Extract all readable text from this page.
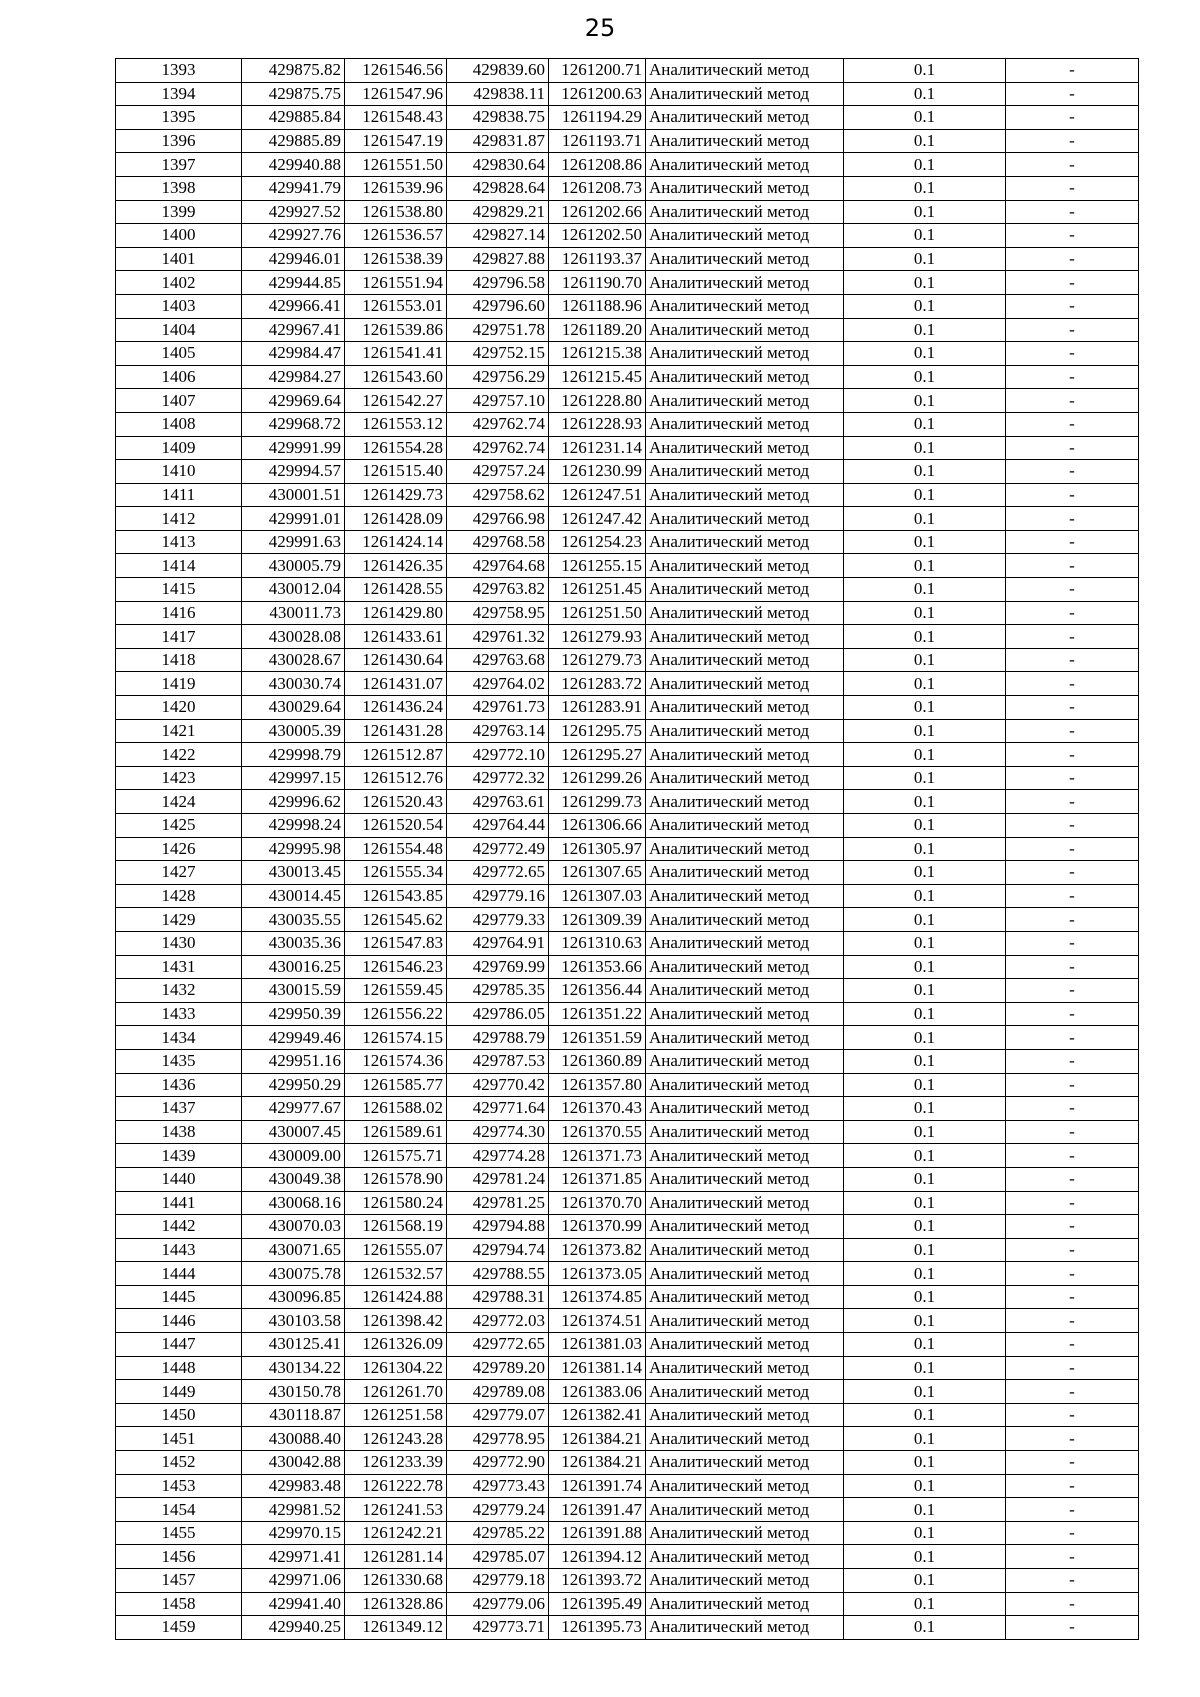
25
1393	429875.82	1261546.56	429839.60	1261200.71	Аналитический метод	0.1	-
1394	429875.75	1261547.96	429838.11	1261200.63	Аналитический метод	0.1	-
1395	429885.84	1261548.43	429838.75	1261194.29	Аналитический метод	0.1	-
1396	429885.89	1261547.19	429831.87	1261193.71	Аналитический метод	0.1	-
1397	429940.88	1261551.50	429830.64	1261208.86	Аналитический метод	0.1	-
1398	429941.79	1261539.96	429828.64	1261208.73	Аналитический метод	0.1	-
1399	429927.52	1261538.80	429829.21	1261202.66	Аналитический метод	0.1	-
1400	429927.76	1261536.57	429827.14	1261202.50	Аналитический метод	0.1	-
1401	429946.01	1261538.39	429827.88	1261193.37	Аналитический метод	0.1	-
1402	429944.85	1261551.94	429796.58	1261190.70	Аналитический метод	0.1	-
1403	429966.41	1261553.01	429796.60	1261188.96	Аналитический метод	0.1	-
1404	429967.41	1261539.86	429751.78	1261189.20	Аналитический метод	0.1	-
1405	429984.47	1261541.41	429752.15	1261215.38	Аналитический метод	0.1	-
1406	429984.27	1261543.60	429756.29	1261215.45	Аналитический метод	0.1	-
1407	429969.64	1261542.27	429757.10	1261228.80	Аналитический метод	0.1	-
1408	429968.72	1261553.12	429762.74	1261228.93	Аналитический метод	0.1	-
1409	429991.99	1261554.28	429762.74	1261231.14	Аналитический метод	0.1	-
1410	429994.57	1261515.40	429757.24	1261230.99	Аналитический метод	0.1	-
1411	430001.51	1261429.73	429758.62	1261247.51	Аналитический метод	0.1	-
1412	429991.01	1261428.09	429766.98	1261247.42	Аналитический метод	0.1	-
1413	429991.63	1261424.14	429768.58	1261254.23	Аналитический метод	0.1	-
1414	430005.79	1261426.35	429764.68	1261255.15	Аналитический метод	0.1	-
1415	430012.04	1261428.55	429763.82	1261251.45	Аналитический метод	0.1	-
1416	430011.73	1261429.80	429758.95	1261251.50	Аналитический метод	0.1	-
1417	430028.08	1261433.61	429761.32	1261279.93	Аналитический метод	0.1	-
1418	430028.67	1261430.64	429763.68	1261279.73	Аналитический метод	0.1	-
1419	430030.74	1261431.07	429764.02	1261283.72	Аналитический метод	0.1	-
1420	430029.64	1261436.24	429761.73	1261283.91	Аналитический метод	0.1	-
1421	430005.39	1261431.28	429763.14	1261295.75	Аналитический метод	0.1	-
1422	429998.79	1261512.87	429772.10	1261295.27	Аналитический метод	0.1	-
1423	429997.15	1261512.76	429772.32	1261299.26	Аналитический метод	0.1	-
1424	429996.62	1261520.43	429763.61	1261299.73	Аналитический метод	0.1	-
1425	429998.24	1261520.54	429764.44	1261306.66	Аналитический метод	0.1	-
1426	429995.98	1261554.48	429772.49	1261305.97	Аналитический метод	0.1	-
1427	430013.45	1261555.34	429772.65	1261307.65	Аналитический метод	0.1	-
1428	430014.45	1261543.85	429779.16	1261307.03	Аналитический метод	0.1	-
1429	430035.55	1261545.62	429779.33	1261309.39	Аналитический метод	0.1	-
1430	430035.36	1261547.83	429764.91	1261310.63	Аналитический метод	0.1	-
1431	430016.25	1261546.23	429769.99	1261353.66	Аналитический метод	0.1	-
1432	430015.59	1261559.45	429785.35	1261356.44	Аналитический метод	0.1	-
1433	429950.39	1261556.22	429786.05	1261351.22	Аналитический метод	0.1	-
1434	429949.46	1261574.15	429788.79	1261351.59	Аналитический метод	0.1	-
1435	429951.16	1261574.36	429787.53	1261360.89	Аналитический метод	0.1	-
1436	429950.29	1261585.77	429770.42	1261357.80	Аналитический метод	0.1	-
1437	429977.67	1261588.02	429771.64	1261370.43	Аналитический метод	0.1	-
1438	430007.45	1261589.61	429774.30	1261370.55	Аналитический метод	0.1	-
1439	430009.00	1261575.71	429774.28	1261371.73	Аналитический метод	0.1	-
1440	430049.38	1261578.90	429781.24	1261371.85	Аналитический метод	0.1	-
1441	430068.16	1261580.24	429781.25	1261370.70	Аналитический метод	0.1	-
1442	430070.03	1261568.19	429794.88	1261370.99	Аналитический метод	0.1	-
1443	430071.65	1261555.07	429794.74	1261373.82	Аналитический метод	0.1	-
1444	430075.78	1261532.57	429788.55	1261373.05	Аналитический метод	0.1	-
1445	430096.85	1261424.88	429788.31	1261374.85	Аналитический метод	0.1	-
1446	430103.58	1261398.42	429772.03	1261374.51	Аналитический метод	0.1	-
1447	430125.41	1261326.09	429772.65	1261381.03	Аналитический метод	0.1	-
1448	430134.22	1261304.22	429789.20	1261381.14	Аналитический метод	0.1	-
1449	430150.78	1261261.70	429789.08	1261383.06	Аналитический метод	0.1	-
1450	430118.87	1261251.58	429779.07	1261382.41	Аналитический метод	0.1	-
1451	430088.40	1261243.28	429778.95	1261384.21	Аналитический метод	0.1	-
1452	430042.88	1261233.39	429772.90	1261384.21	Аналитический метод	0.1	-
1453	429983.48	1261222.78	429773.43	1261391.74	Аналитический метод	0.1	-
1454	429981.52	1261241.53	429779.24	1261391.47	Аналитический метод	0.1	-
1455	429970.15	1261242.21	429785.22	1261391.88	Аналитический метод	0.1	-
1456	429971.41	1261281.14	429785.07	1261394.12	Аналитический метод	0.1	-
1457	429971.06	1261330.68	429779.18	1261393.72	Аналитический метод	0.1	-
1458	429941.40	1261328.86	429779.06	1261395.49	Аналитический метод	0.1	-
1459	429940.25	1261349.12	429773.71	1261395.73	Аналитический метод	0.1	-
